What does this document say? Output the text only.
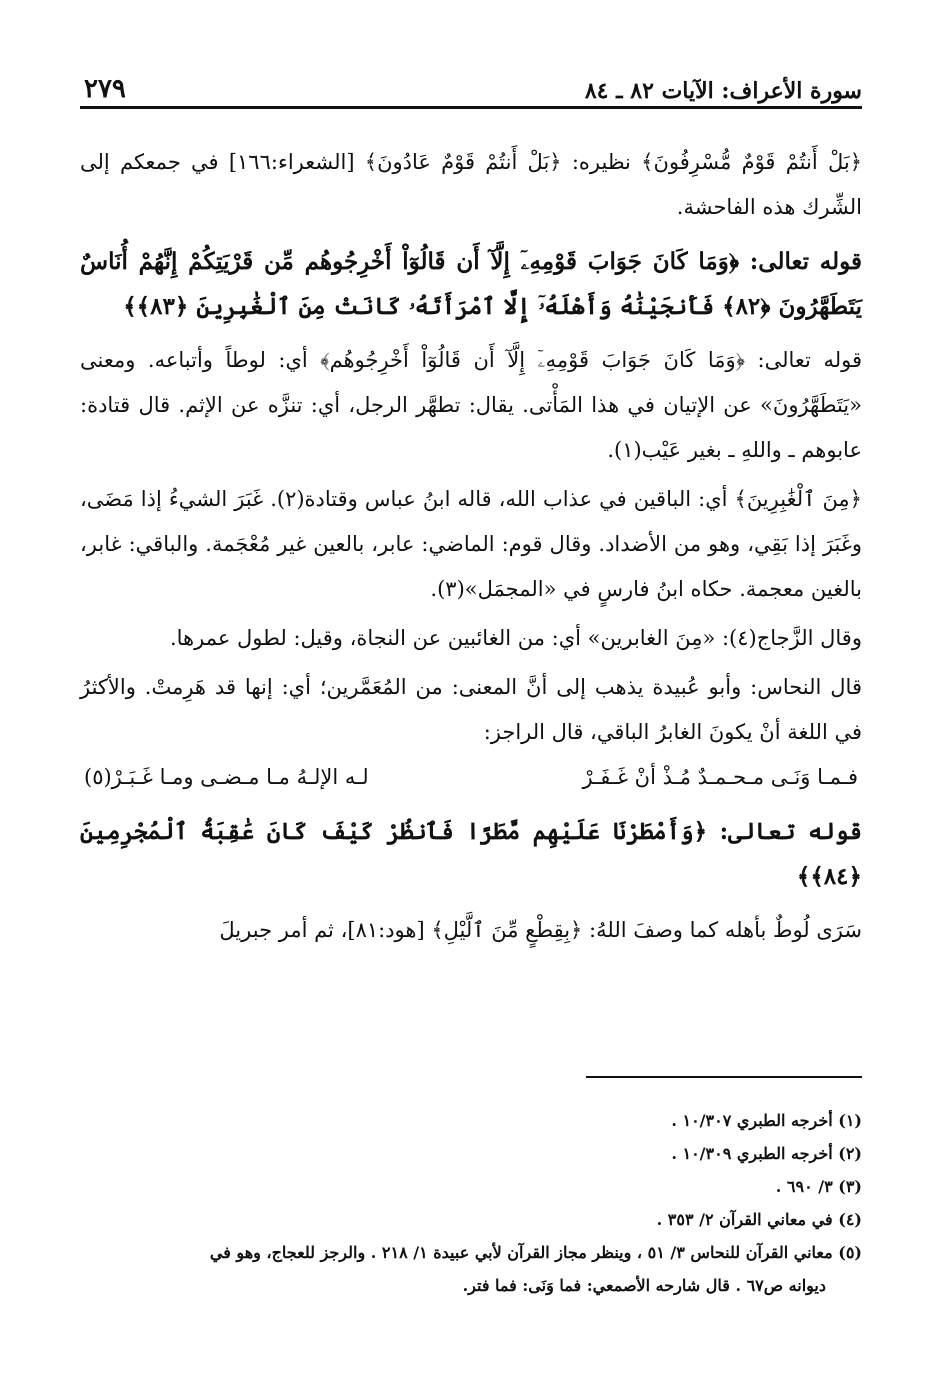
٢٧٩	سورة الأعراف: الآيات ٨٢ ـ ٨٤

﴿بَلْ أَنتُمْ قَوْمٌ مُّسْرِفُونَ﴾ نظيره: ﴿بَلْ أَنتُمْ قَوْمٌ عَادُونَ﴾ [الشعراء:١٦٦] في جمعكم إلى الشِّرك هذه الفاحشة.

قوله تعالى: ﴿وَمَا كَانَ جَوَابَ قَوْمِهِۦٓ إِلَّآ أَن قَالُوٓاْ أَخْرِجُوهُم مِّن قَرْيَتِكُمْ إِنَّهُمْ أُنَاسٌ يَتَطَهَّرُونَ ﴿٨٢﴾ فَأَنجَيْنَٰهُ وَأَهْلَهُۥٓ إِلَّا ٱمْرَأَتَهُۥ كَانَتْ مِنَ ٱلْغَٰبِرِينَ ﴿٨٣﴾﴾

قوله تعالى: ﴿وَمَا كَانَ جَوَابَ قَوْمِهِۦٓ إِلَّآ أَن قَالُوٓاْ أَخْرِجُوهُم﴾ أي: لوطاً وأتباعه. ومعنى «يَتَطَهَّرُونَ» عن الإتيان في هذا المَأْتى. يقال: تطهَّر الرجل، أي: تنزَّه عن الإثم. قال قتادة: عابوهم ـ واللهِ ـ بغير عَيْب(١).

﴿مِنَ ٱلْغَٰبِرِينَ﴾ أي: الباقين في عذاب الله، قاله ابنُ عباس وقتادة(٢). غَبَرَ الشيءُ إذا مَضَى، وغَبَرَ إذا بَقِي، وهو من الأضداد. وقال قوم: الماضي: عابر، بالعين غير مُعْجَمة. والباقي: غابر، بالغين معجمة. حكاه ابنُ فارسٍ في «المجمَل»(٣).

وقال الزَّجاج(٤): «مِنَ الغابرين» أي: من الغائبين عن النجاة، وقيل: لطول عمرها.

قال النحاس: وأبو عُبيدة يذهب إلى أنَّ المعنى: من المُعَمَّرين؛ أي: إنها قد هَرِمتْ. والأكثرُ في اللغة أنْ يكونَ الغابرُ الباقي، قال الراجز:

فـمـا وَنَـى مـحـمـدٌ مُـذْ أنْ غَـفَـرْ
لـه الإلـهُ مـا مـضـى ومـا غَـبَـرْ(٥)

قوله تعالى: ﴿وَأَمْطَرْنَا عَلَيْهِم مَّطَرًا فَٱنظُرْ كَيْفَ كَانَ عَٰقِبَةُ ٱلْمُجْرِمِينَ ﴿٨٤﴾﴾

سَرَى لُوطٌ بأهله كما وصفَ اللهُ: ﴿بِقِطْعٍ مِّنَ ٱلَّيْلِ﴾ [هود:٨١]، ثم أمر جبريلَ

(١) أخرجه الطبري ١٠/٣٠٧ .

(٢) أخرجه الطبري ١٠/٣٠٩ .

(٣) ٣/ ٦٩٠ .

(٤) في معاني القرآن ٢/ ٣٥٣ .

(٥) معاني القرآن للنحاس ٣/ ٥١ ، وينظر مجاز القرآن لأبي عبيدة ١/ ٢١٨ . والرجز للعجاج، وهو في

ديوانه ص٦٧ . قال شارحه الأصمعي: فما وَنَى: فما فتر.
